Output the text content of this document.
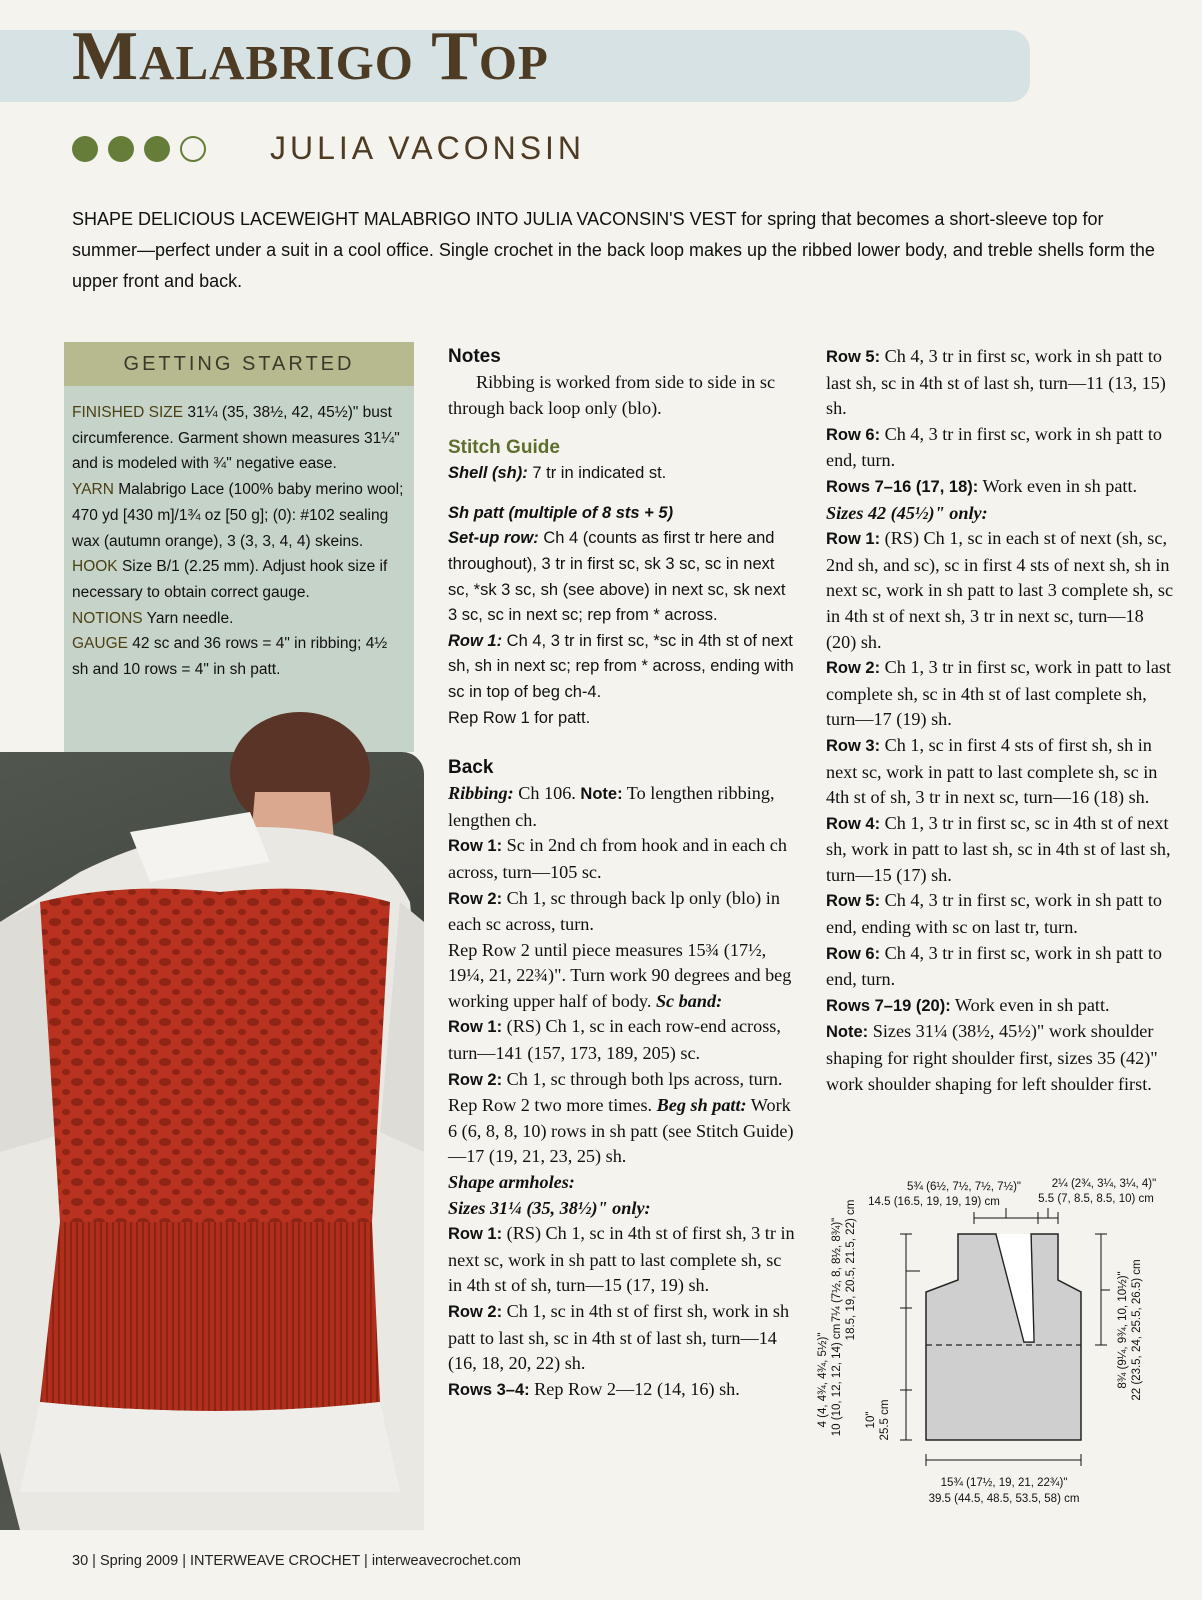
Malabrigo Top
JULIA VACONSIN

SHAPE DELICIOUS LACEWEIGHT MALABRIGO INTO JULIA VACONSIN'S VEST for spring that becomes a short-sleeve top for summer—perfect under a suit in a cool office. Single crochet in the back loop makes up the ribbed lower body, and treble shells form the upper front and back.

GETTING STARTED

FINISHED SIZE 31¼ (35, 38½, 42, 45½)" bust circumference. Garment shown measures 31¼" and is modeled with ¾" negative ease.

YARN Malabrigo Lace (100% baby merino wool; 470 yd [430 m]/1¾ oz [50 g]; (0): #102 sealing wax (autumn orange), 3 (3, 3, 4, 4) skeins.

HOOK Size B/1 (2.25 mm). Adjust hook size if necessary to obtain correct gauge.

NOTIONS Yarn needle.

GAUGE 42 sc and 36 rows = 4" in ribbing; 4½ sh and 10 rows = 4" in sh patt.

Notes

Ribbing is worked from side to side in sc through back loop only (blo).

Stitch Guide

Shell (sh): 7 tr in indicated st.

Sh patt (multiple of 8 sts + 5)

Set-up row: Ch 4 (counts as first tr here and throughout), 3 tr in first sc, sk 3 sc, sc in next sc, *sk 3 sc, sh (see above) in next sc, sk next 3 sc, sc in next sc; rep from * across.

Row 1: Ch 4, 3 tr in first sc, *sc in 4th st of next sh, sh in next sc; rep from * across, ending with sc in top of beg ch-4.

Rep Row 1 for patt.

Back

Ribbing: Ch 106. Note: To lengthen ribbing, lengthen ch.

Row 1: Sc in 2nd ch from hook and in each ch across, turn—105 sc.

Row 2: Ch 1, sc through back lp only (blo) in each sc across, turn.

Rep Row 2 until piece measures 15¾ (17½, 19¼, 21, 22¾)". Turn work 90 degrees and beg working upper half of body. Sc band:

Row 1: (RS) Ch 1, sc in each row-end across, turn—141 (157, 173, 189, 205) sc.

Row 2: Ch 1, sc through both lps across, turn.

Rep Row 2 two more times. Beg sh patt: Work 6 (6, 8, 8, 10) rows in sh patt (see Stitch Guide)—17 (19, 21, 23, 25) sh.

Shape armholes:

Sizes 31¼ (35, 38½)" only:

Row 1: (RS) Ch 1, sc in 4th st of first sh, 3 tr in next sc, work in sh patt to last complete sh, sc in 4th st of sh, turn—15 (17, 19) sh.

Row 2: Ch 1, sc in 4th st of first sh, work in sh patt to last sh, sc in 4th st of last sh, turn—14 (16, 18, 20, 22) sh.

Rows 3–4: Rep Row 2—12 (14, 16) sh.

Row 5: Ch 4, 3 tr in first sc, work in sh patt to last sh, sc in 4th st of last sh, turn—11 (13, 15) sh.

Row 6: Ch 4, 3 tr in first sc, work in sh patt to end, turn.

Rows 7–16 (17, 18): Work even in sh patt.

Sizes 42 (45½)" only:

Row 1: (RS) Ch 1, sc in each st of next (sh, sc, 2nd sh, and sc), sc in first 4 sts of next sh, sh in next sc, work in sh patt to last 3 complete sh, sc in 4th st of next sh, 3 tr in next sc, turn—18 (20) sh.

Row 2: Ch 1, 3 tr in first sc, work in patt to last complete sh, sc in 4th st of last complete sh, turn—17 (19) sh.

Row 3: Ch 1, sc in first 4 sts of first sh, sh in next sc, work in patt to last complete sh, sc in 4th st of sh, 3 tr in next sc, turn—16 (18) sh.

Row 4: Ch 1, 3 tr in first sc, sc in 4th st of next sh, work in patt to last sh, sc in 4th st of last sh, turn—15 (17) sh.

Row 5: Ch 4, 3 tr in first sc, work in sh patt to end, ending with sc on last tr, turn.

Row 6: Ch 4, 3 tr in first sc, work in sh patt to end, turn.

Rows 7–19 (20): Work even in sh patt.

Note: Sizes 31¼ (38½, 45½)" work shoulder shaping for right shoulder first, sizes 35 (42)" work shoulder shaping for left shoulder first.

5¾ (6½, 7½, 7½, 7½)"
14.5 (16.5, 19, 19, 19) cm
2¼ (2¾, 3¼, 3¼, 4)"
5.5 (7, 8.5, 8.5, 10) cm
7¼ (7½, 8, 8½, 8¾)" 18.5, 19, 20.5, 21.5, 22) cm
4 (4, 4¾, 4¾, 5½)" 10 (10, 12, 12, 14) cm 10" 25.5 cm
8¾ (9¼, 9¾, 10, 10½)" 22 (23.5, 24, 25.5, 26.5) cm
15¾ (17½, 19, 21, 22¾)"
39.5 (44.5, 48.5, 53.5, 58) cm
30 | Spring 2009 | INTERWEAVE CROCHET | interweavecrochet.com
